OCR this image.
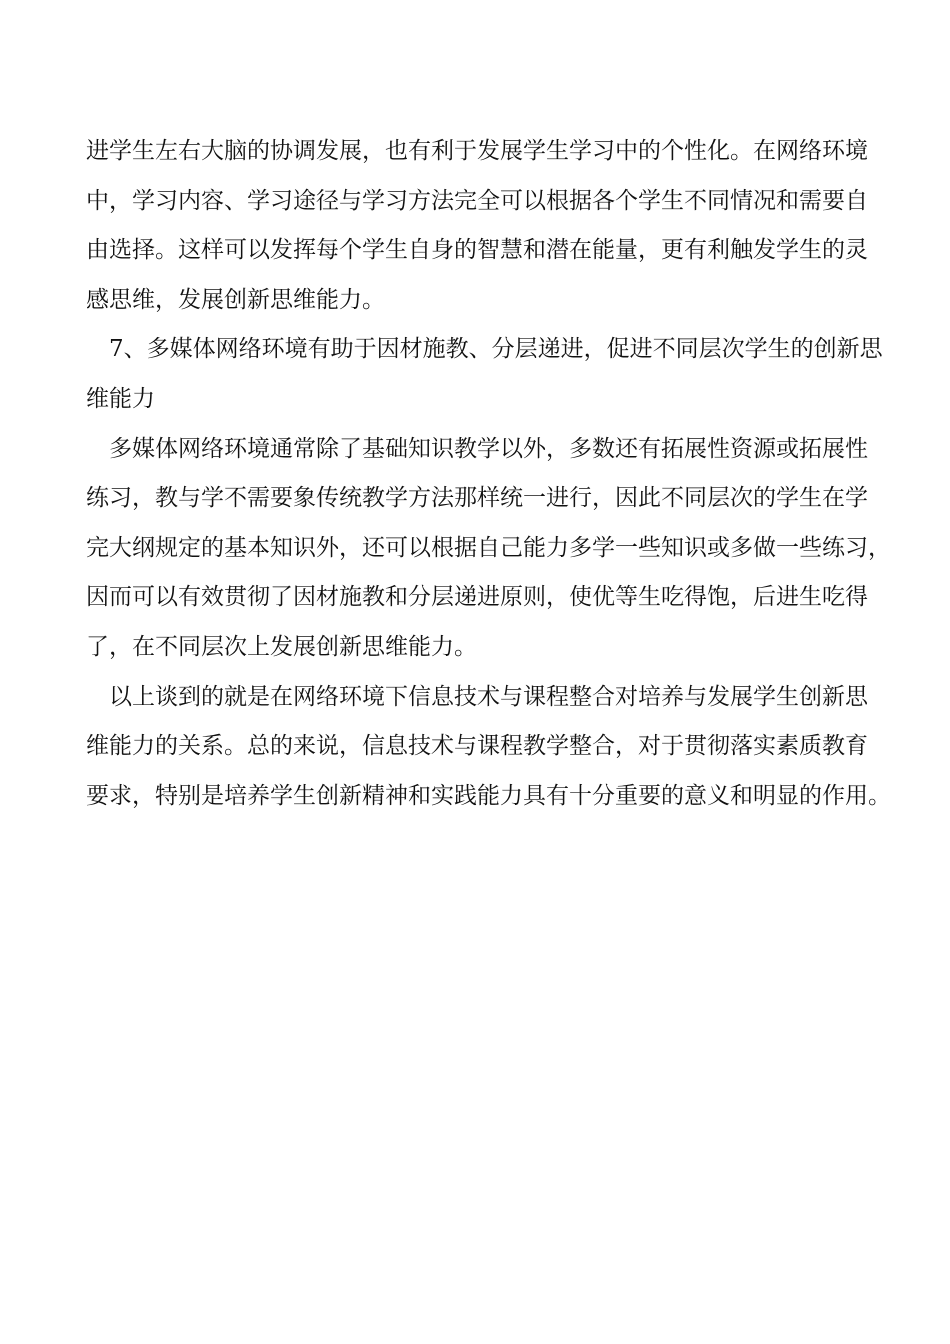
进学生左右大脑的协调发展，也有利于发展学生学习中的个性化。在网络环境
中，学习内容、学习途径与学习方法完全可以根据各个学生不同情况和需要自
由选择。这样可以发挥每个学生自身的智慧和潜在能量，更有利触发学生的灵
感思维，发展创新思维能力。
7、多媒体网络环境有助于因材施教、分层递进，促进不同层次学生的创新思
维能力
多媒体网络环境通常除了基础知识教学以外，多数还有拓展性资源或拓展性
练习，教与学不需要象传统教学方法那样统一进行，因此不同层次的学生在学
完大纲规定的基本知识外，还可以根据自己能力多学一些知识或多做一些练习，
因而可以有效贯彻了因材施教和分层递进原则，使优等生吃得饱，后进生吃得
了，在不同层次上发展创新思维能力。
以上谈到的就是在网络环境下信息技术与课程整合对培养与发展学生创新思
维能力的关系。总的来说，信息技术与课程教学整合，对于贯彻落实素质教育
要求，特别是培养学生创新精神和实践能力具有十分重要的意义和明显的作用。
